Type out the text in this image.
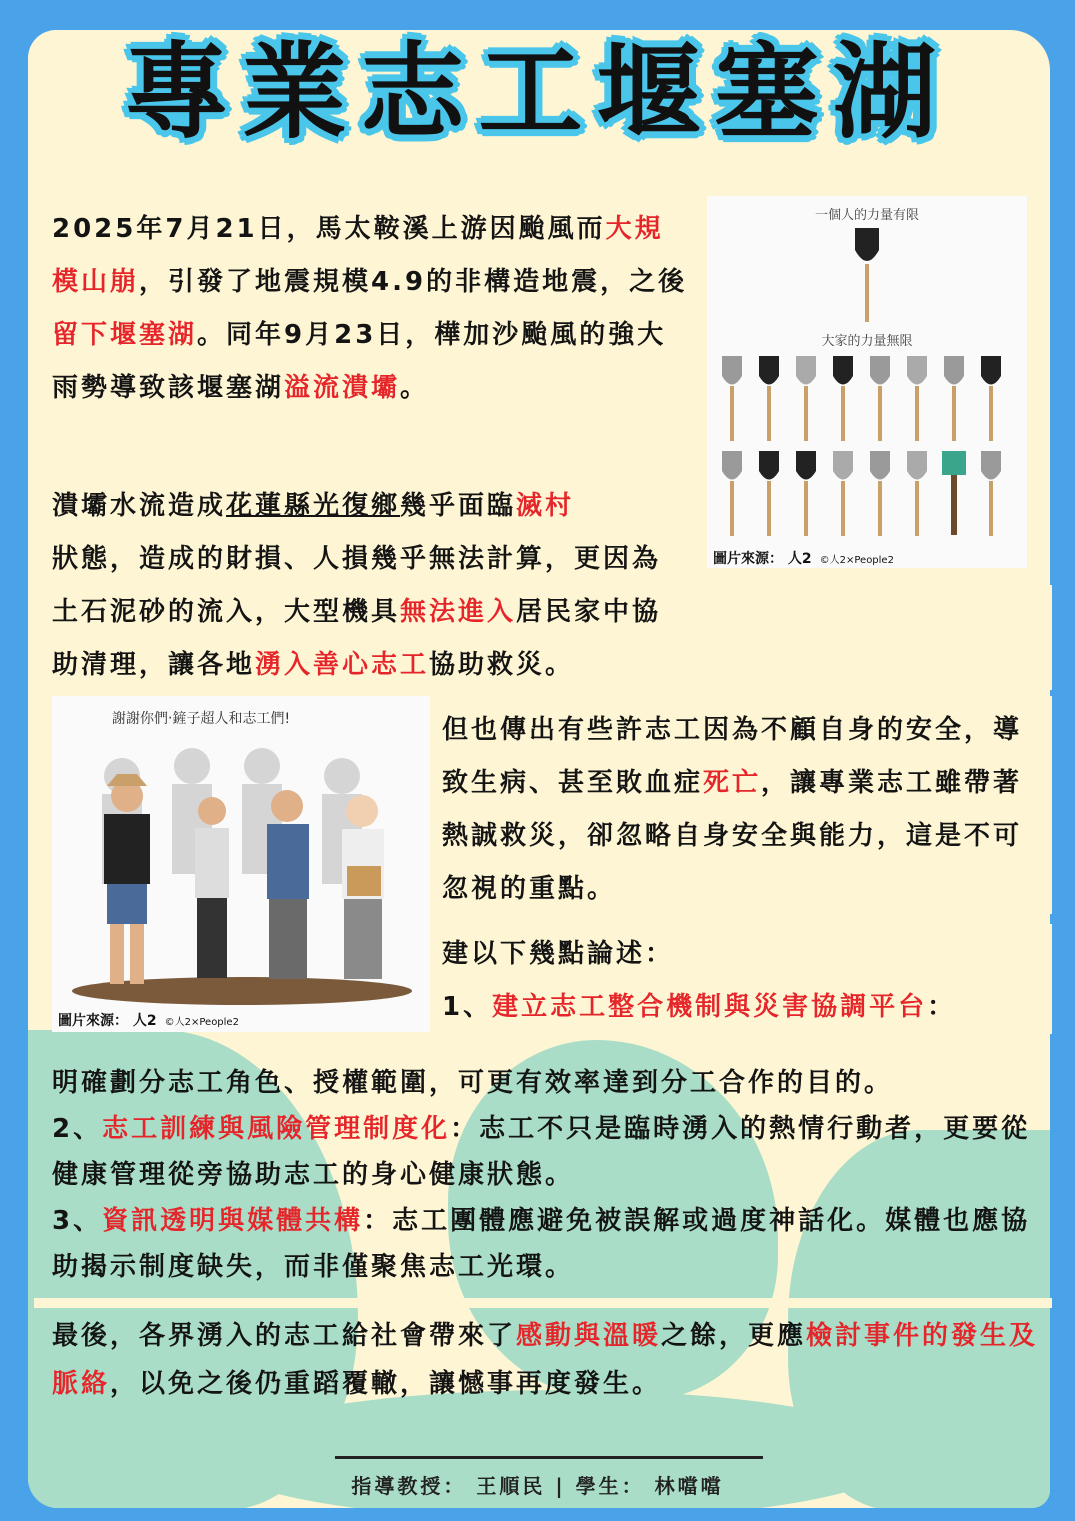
專業志工堰塞湖
2025年7月21日，馬太鞍溪上游因颱風而大規模山崩，引發了地震規模4.9的非構造地震，之後留下堰塞湖。同年9月23日，樺加沙颱風的強大雨勢導致該堰塞湖溢流潰壩。
一個人的力量有限
大家的力量無限
圖片來源： 人2 ©人2×People2
潰壩水流造成花蓮縣光復鄉幾乎面臨滅村
狀態，造成的財損、人損幾乎無法計算，更因為土石泥砂的流入，大型機具無法進入居民家中協助清理，讓各地湧入善心志工協助救災。
謝謝你們‧鏟子超人和志工們!
圖片來源： 人2 ©人2×People2
但也傳出有些許志工因為不顧自身的安全，導致生病、甚至敗血症死亡，讓專業志工雖帶著熱誠救災，卻忽略自身安全與能力，這是不可忽視的重點。
建以下幾點論述：
1、建立志工整合機制與災害協調平台：
明確劃分志工角色、授權範圍，可更有效率達到分工合作的目的。
2、志工訓練與風險管理制度化：志工不只是臨時湧入的熱情行動者，更要從健康管理從旁協助志工的身心健康狀態。
3、資訊透明與媒體共構：志工團體應避免被誤解或過度神話化。媒體也應協助揭示制度缺失，而非僅聚焦志工光環。
最後，各界湧入的志工給社會帶來了感動與溫暖之餘，更應檢討事件的發生及脈絡，以免之後仍重蹈覆轍，讓憾事再度發生。
指導教授： 王順民 | 學生： 林噹噹
